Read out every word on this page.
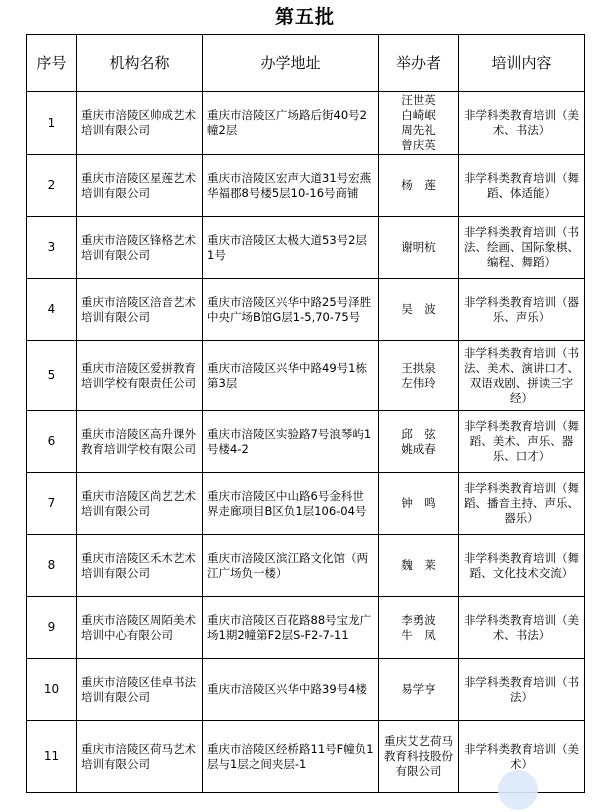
第五批
序号	机构名称	办学地址	举办者	培训内容
1	重庆市涪陵区帅成艺术培训有限公司	重庆市涪陵区广场路后街40号2幢2层	汪世英
白崎岷
周先礼
曾庆英	非学科类教育培训（美术、书法）
2	重庆市涪陵区星莲艺术培训有限公司	重庆市涪陵区宏声大道31号宏燕华福郡8号楼5层10-16号商铺	杨　莲	非学科类教育培训（舞蹈、体适能）
3	重庆市涪陵区锋格艺术培训有限公司	重庆市涪陵区太极大道53号2层1号	谢明杭	非学科类教育培训（书法、绘画、国际象棋、编程、舞蹈）
4	重庆市涪陵区涪音艺术培训有限公司	重庆市涪陵区兴华中路25号泽胜中央广场B馆G层1-5,70-75号	吴　波	非学科类教育培训（器乐、声乐）
5	重庆市涪陵区爱拼教育培训学校有限责任公司	重庆市涪陵区兴华中路49号1栋第3层	王拱泉
左伟玲	非学科类教育培训（书法、美术、演讲口才、双语戏剧、拼读三字经）
6	重庆市涪陵区高升课外教育培训学校有限公司	重庆市涪陵区实验路7号浪琴屿1号楼4-2	邱　弦
姚成春	非学科类教育培训（舞蹈、美术、声乐、器乐、口才）
7	重庆市涪陵区尚艺艺术培训有限公司	重庆市涪陵区中山路6号金科世界走廊项目B区负1层106-04号	钟　鸣	非学科类教育培训（舞蹈、播音主持、声乐、器乐）
8	重庆市涪陵区禾木艺术培训有限公司	重庆市涪陵区滨江路文化馆（两江广场负一楼）	魏　莱	非学科类教育培训（舞蹈、文化技术交流）
9	重庆市涪陵区周陌美术培训中心有限公司	重庆市涪陵区百花路88号宝龙广场1期2幢第F2层S-F2-7-11	李勇波
牛　凤	非学科类教育培训（美术、书法）
10	重庆市涪陵区佳卓书法培训有限公司	重庆市涪陵区兴华中路39号4楼	易学亨	非学科类教育培训（书法）
11	重庆市涪陵区荷马艺术培训有限公司	重庆市涪陵区经桥路11号F幢负1层与1层之间夹层-1	重庆艾艺荷马教育科技股份有限公司	非学科类教育培训（美术）
